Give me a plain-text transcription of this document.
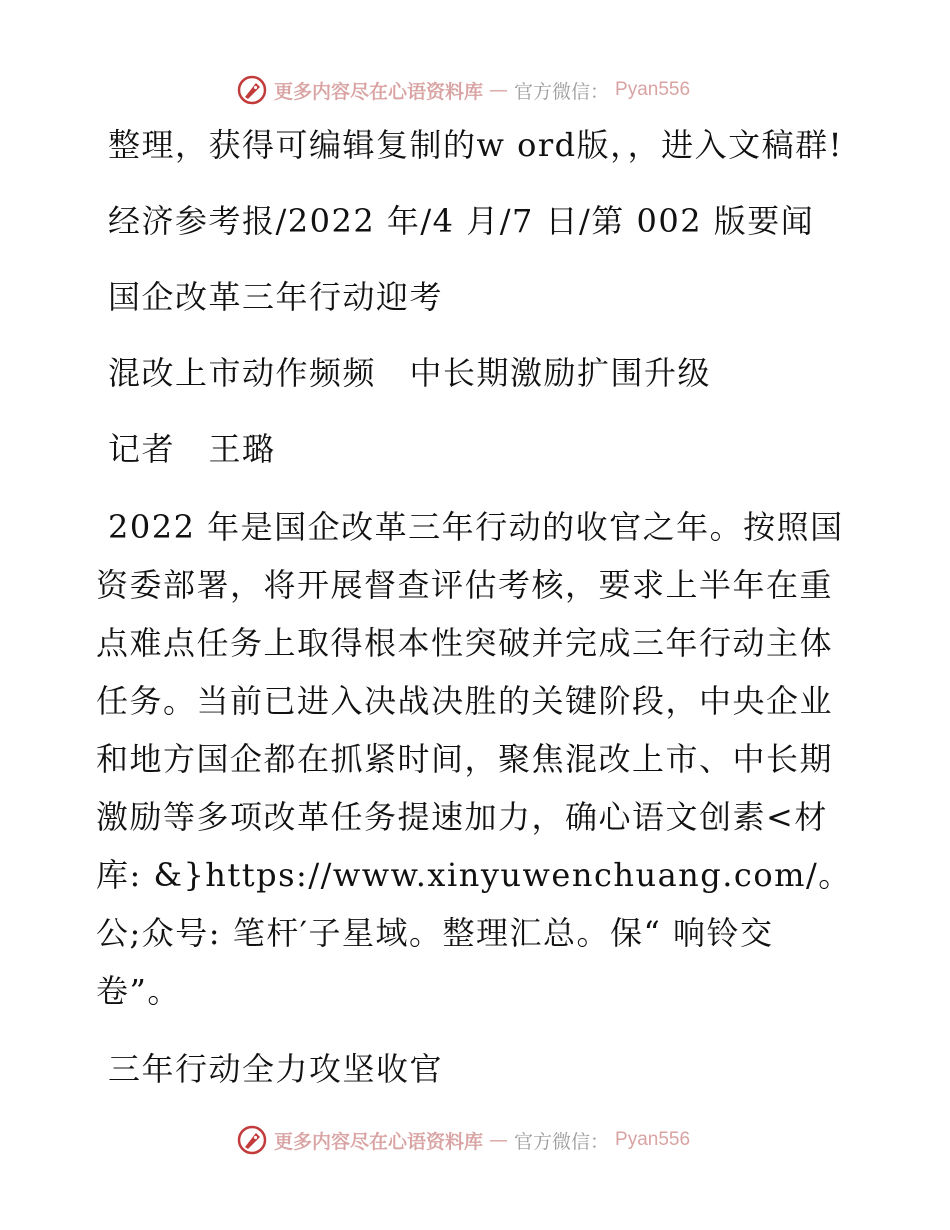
更多内容尽在心语资料库 — 官方微信： Pyan556

整理，获得可编辑复制的w ord版，，进入文稿群!

经济参考报/2022 年/4 月/7 日/第 002 版要闻

国企改革三年行动迎考

混改上市动作频频　中长期激励扩围升级

记者　王璐

2022 年是国企改革三年行动的收官之年。按照国资委部署，将开展督查评估考核，要求上半年在重点难点任务上取得根本性突破并完成三年行动主体任务。当前已进入决战决胜的关键阶段，中央企业和地方国企都在抓紧时间，聚焦混改上市、中长期激励等多项改革任务提速加力，确心语文创素<材库: &}https://www.xinyuwenchuang.com/。公;众号: 笔杆′子星域。整理汇总。保“ 响铃交卷”。

三年行动全力攻坚收官

更多内容尽在心语资料库 — 官方微信： Pyan556
